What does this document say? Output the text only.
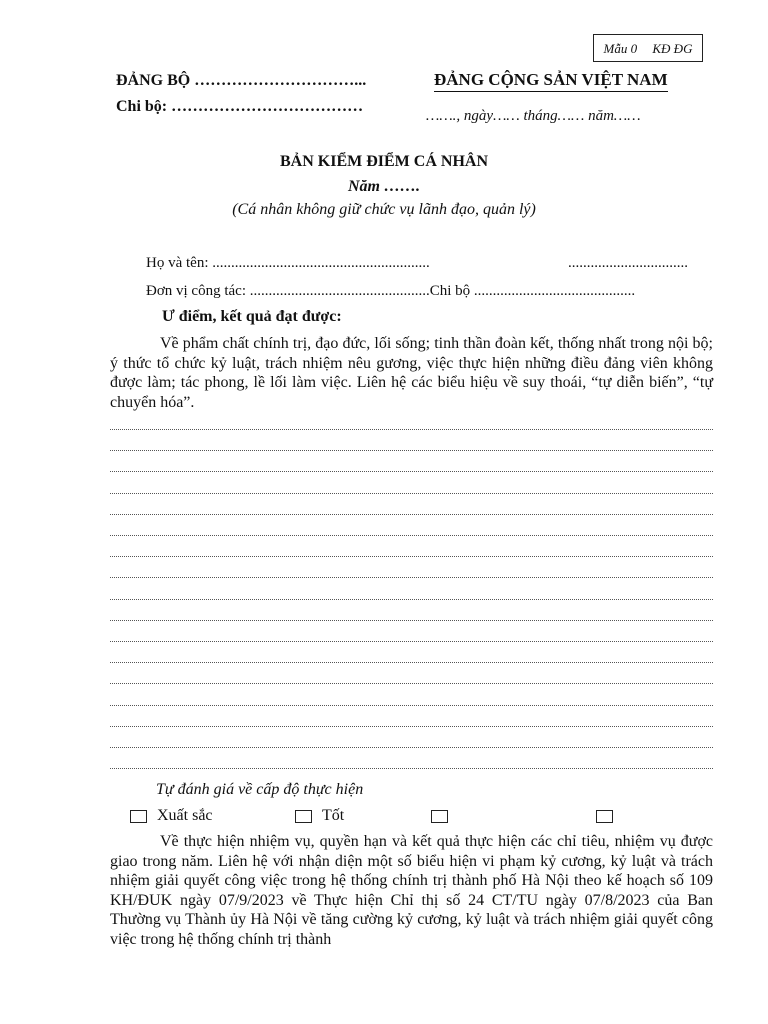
Mẫu 0 KĐ ĐG
ĐẢNG BỘ …………………………...
Chi bộ: ………………………………
ĐẢNG CỘNG SẢN VIỆT NAM
……., ngày…… tháng…… năm……
BẢN KIỂM ĐIỂM CÁ NHÂN
Năm …….
(Cá nhân không giữ chức vụ lãnh đạo, quản lý)
Họ và tên: ..........................................................	................................
Đơn vị công tác: ................................................Chi bộ ...........................................
Ư điểm, kết quả đạt được:
Về phẩm chất chính trị, đạo đức, lối sống; tinh thần đoàn kết, thống nhất trong nội bộ; ý thức tổ chức kỷ luật, trách nhiệm nêu gương, việc thực hiện những điều đảng viên không được làm; tác phong, lề lối làm việc. Liên hệ các biểu hiệu về suy thoái, “tự diễn biến”, “tự chuyển hóa”.
Tự đánh giá về cấp độ thực hiện
Xuất sắc	Tốt
Về thực hiện nhiệm vụ, quyền hạn và kết quả thực hiện các chỉ tiêu, nhiệm vụ được giao trong năm. Liên hệ với nhận diện một số biểu hiện vi phạm kỷ cương, kỷ luật và trách nhiệm giải quyết công việc trong hệ thống chính trị thành phố Hà Nội theo kế hoạch số 109 KH/ĐUK ngày 07/9/2023 về Thực hiện Chỉ thị số 24 CT/TU ngày 07/8/2023 của Ban Thường vụ Thành ủy Hà Nội về tăng cường kỷ cương, kỷ luật và trách nhiệm giải quyết công việc trong hệ thống chính trị thành
